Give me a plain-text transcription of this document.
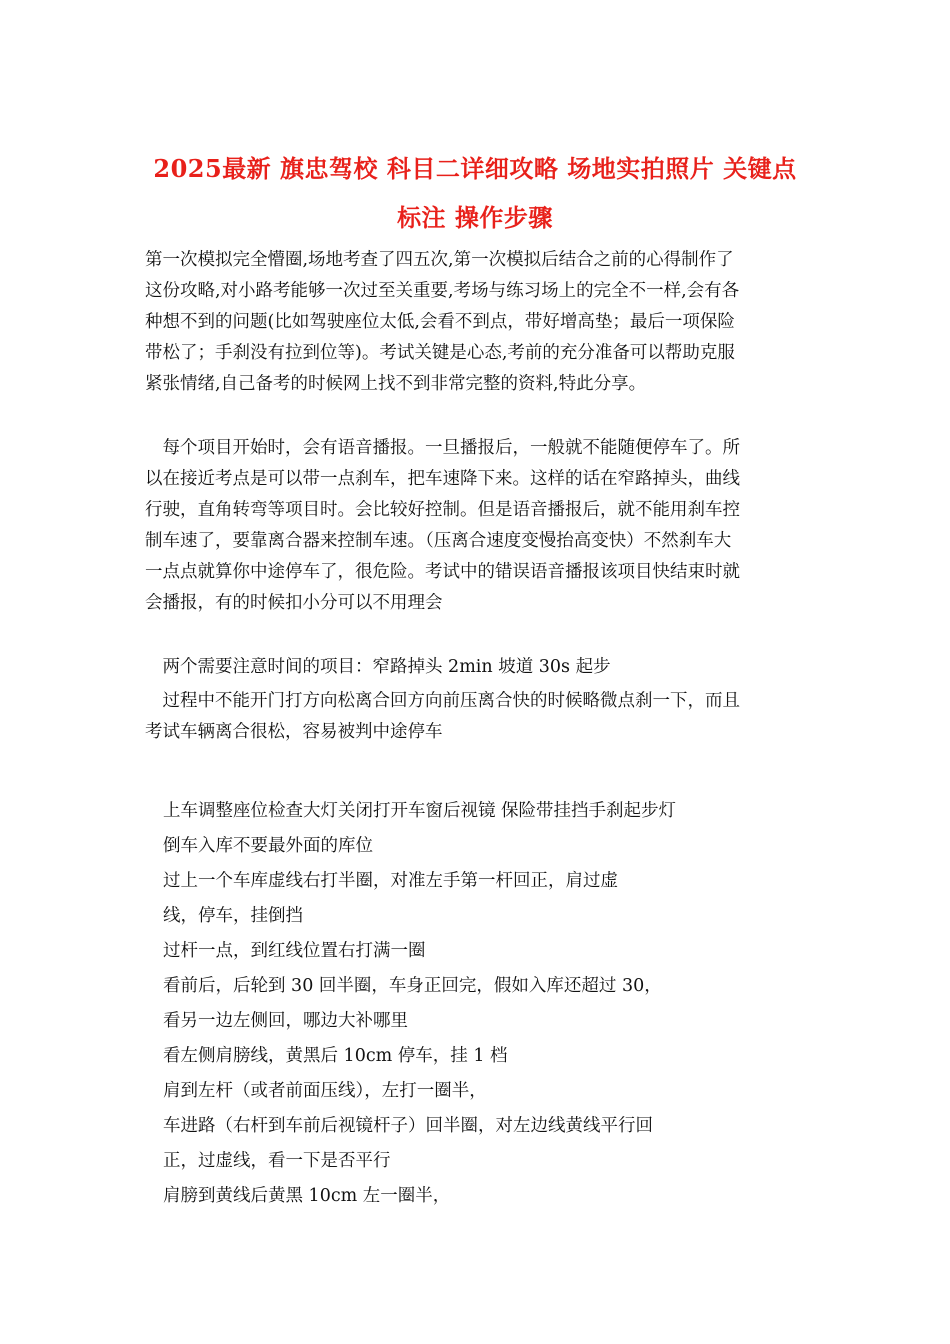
2025最新 旗忠驾校 科目二详细攻略 场地实拍照片 关键点
标注 操作步骤
第一次模拟完全懵圈,场地考查了四五次,第一次模拟后结合之前的心得制作了
这份攻略,对小路考能够一次过至关重要,考场与练习场上的完全不一样,会有各
种想不到的问题(比如驾驶座位太低,会看不到点，带好增高垫；最后一项保险
带松了；手刹没有拉到位等)。考试关键是心态,考前的充分准备可以帮助克服
紧张情绪,自己备考的时候网上找不到非常完整的资料,特此分享。
　每个项目开始时，会有语音播报。一旦播报后，一般就不能随便停车了。所
以在接近考点是可以带一点刹车，把车速降下来。这样的话在窄路掉头，曲线
行驶，直角转弯等项目时。会比较好控制。但是语音播报后，就不能用刹车控
制车速了，要靠离合器来控制车速。（压离合速度变慢抬高变快）不然刹车大
一点点就算你中途停车了，很危险。考试中的错误语音播报该项目快结束时就
会播报，有的时候扣小分可以不用理会
　两个需要注意时间的项目：窄路掉头 2min 坡道 30s 起步
　过程中不能开门打方向松离合回方向前压离合快的时候略微点刹一下，而且
考试车辆离合很松，容易被判中途停车
上车调整座位检查大灯关闭打开车窗后视镜 保险带挂挡手刹起步灯
倒车入库不要最外面的库位
过上一个车库虚线右打半圈，对准左手第一杆回正，肩过虚
线，停车，挂倒挡
过杆一点，到红线位置右打满一圈
看前后，后轮到 30 回半圈，车身正回完，假如入库还超过 30，
看另一边左侧回，哪边大补哪里
看左侧肩膀线，黄黑后 10cm 停车，挂 1 档
肩到左杆（或者前面压线），左打一圈半，
车进路（右杆到车前后视镜杆子）回半圈，对左边线黄线平行回
正，过虚线，看一下是否平行
肩膀到黄线后黄黑 10cm 左一圈半，
